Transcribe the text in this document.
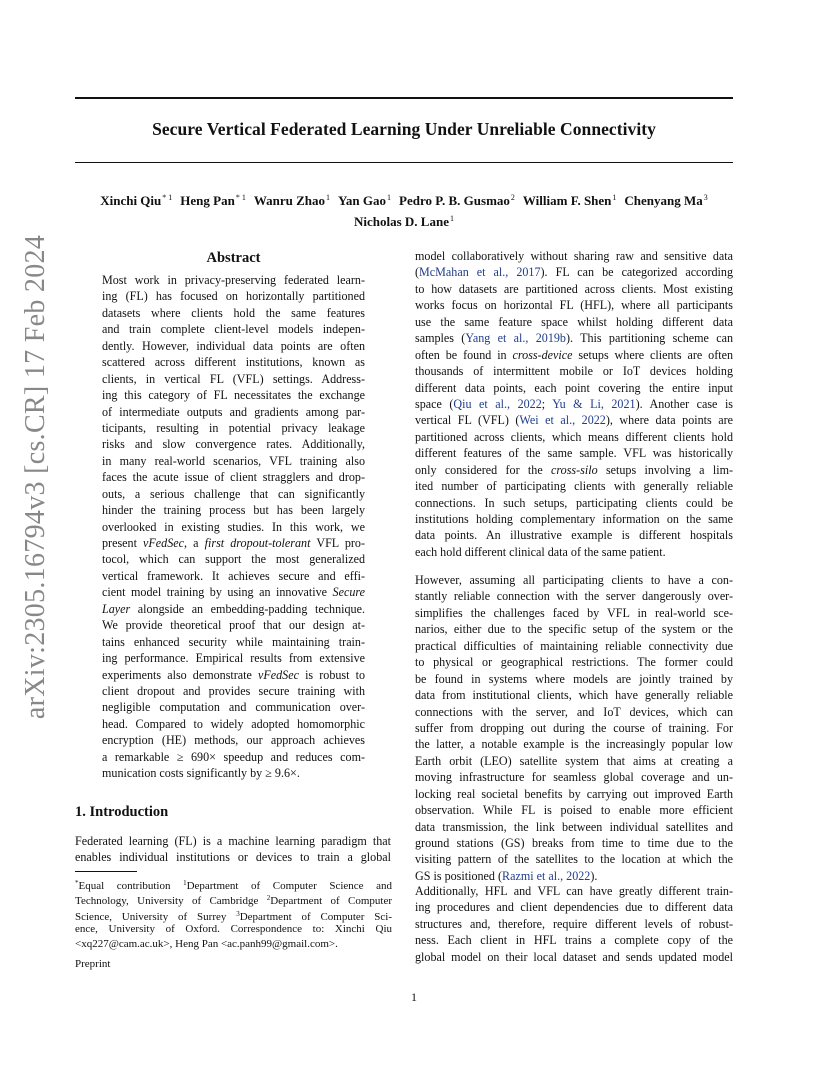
arXiv:2305.16794v3 [cs.CR] 17 Feb 2024
Secure Vertical Federated Learning Under Unreliable Connectivity
Xinchi Qiu$^{* 1}$ Heng Pan$^{* 1}$ Wanru Zhao$^1$ Yan Gao$^1$ Pedro P. B. Gusmao$^2$ William F. Shen$^1$ Chenyang Ma$^3$
Nicholas D. Lane$^1$
Abstract
Most work in privacy-preserving federated learn-
ing (FL) has focused on horizontally partitioned
datasets where clients hold the same features
and train complete client-level models indepen-
dently. However, individual data points are often
scattered across different institutions, known as
clients, in vertical FL (VFL) settings. Address-
ing this category of FL necessitates the exchange
of intermediate outputs and gradients among par-
ticipants, resulting in potential privacy leakage
risks and slow convergence rates. Additionally,
in many real-world scenarios, VFL training also
faces the acute issue of client stragglers and drop-
outs, a serious challenge that can significantly
hinder the training process but has been largely
overlooked in existing studies. In this work, we
present vFedSec, a first dropout-tolerant VFL pro-
tocol, which can support the most generalized
vertical framework. It achieves secure and effi-
cient model training by using an innovative Secure
Layer alongside an embedding-padding technique.
We provide theoretical proof that our design at-
tains enhanced security while maintaining train-
ing performance. Empirical results from extensive
experiments also demonstrate vFedSec is robust to
client dropout and provides secure training with
negligible computation and communication over-
head. Compared to widely adopted homomorphic
encryption (HE) methods, our approach achieves
a remarkable ≥ 690× speedup and reduces com-
munication costs significantly by ≥ 9.6×.
1. Introduction
Federated learning (FL) is a machine learning paradigm that
enables individual institutions or devices to train a global
*Equal contribution $^1$Department of Computer Science and
Technology, University of Cambridge $^2$Department of Computer
Science, University of Surrey $^3$Department of Computer Sci-
ence, University of Oxford. Correspondence to: Xinchi Qiu
<xq227@cam.ac.uk>, Heng Pan <ac.panh99@gmail.com>.
Preprint
model collaboratively without sharing raw and sensitive data
(McMahan et al., 2017). FL can be categorized according
to how datasets are partitioned across clients. Most existing
works focus on horizontal FL (HFL), where all participants
use the same feature space whilst holding different data
samples (Yang et al., 2019b). This partitioning scheme can
often be found in cross-device setups where clients are often
thousands of intermittent mobile or IoT devices holding
different data points, each point covering the entire input
space (Qiu et al., 2022; Yu & Li, 2021). Another case is
vertical FL (VFL) (Wei et al., 2022), where data points are
partitioned across clients, which means different clients hold
different features of the same sample. VFL was historically
only considered for the cross-silo setups involving a lim-
ited number of participating clients with generally reliable
connections. In such setups, participating clients could be
institutions holding complementary information on the same
data points. An illustrative example is different hospitals
each hold different clinical data of the same patient.
However, assuming all participating clients to have a con-
stantly reliable connection with the server dangerously over-
simplifies the challenges faced by VFL in real-world sce-
narios, either due to the specific setup of the system or the
practical difficulties of maintaining reliable connectivity due
to physical or geographical restrictions. The former could
be found in systems where models are jointly trained by
data from institutional clients, which have generally reliable
connections with the server, and IoT devices, which can
suffer from dropping out during the course of training. For
the latter, a notable example is the increasingly popular low
Earth orbit (LEO) satellite system that aims at creating a
moving infrastructure for seamless global coverage and un-
locking real societal benefits by carrying out improved Earth
observation. While FL is poised to enable more efficient
data transmission, the link between individual satellites and
ground stations (GS) breaks from time to time due to the
visiting pattern of the satellites to the location at which the
GS is positioned (Razmi et al., 2022).
Additionally, HFL and VFL can have greatly different train-
ing procedures and client dependencies due to different data
structures and, therefore, require different levels of robust-
ness. Each client in HFL trains a complete copy of the
global model on their local dataset and sends updated model
1
